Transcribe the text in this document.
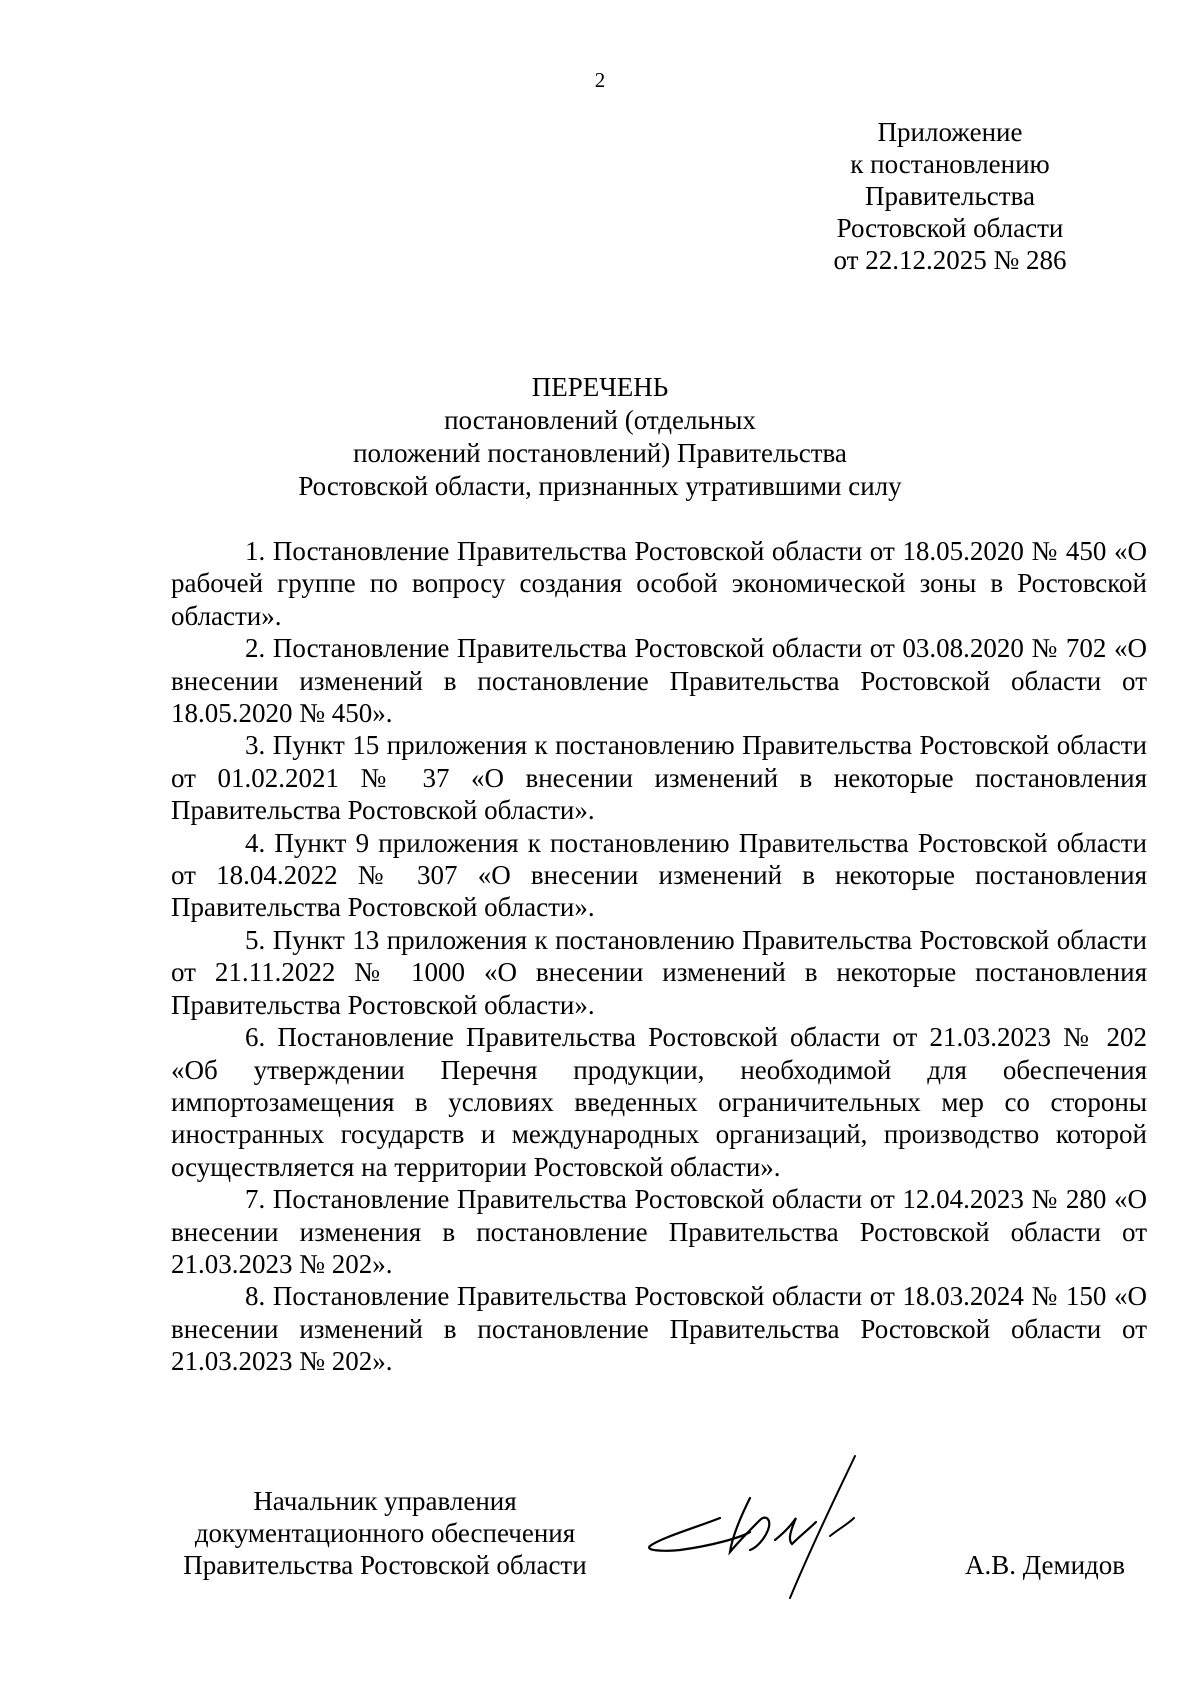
2
Приложение
к постановлению
Правительства
Ростовской области
от 22.12.2025 № 286
ПЕРЕЧЕНЬ
постановлений (отдельных
положений постановлений) Правительства
Ростовской области, признанных утратившими силу

1. Постановление Правительства Ростовской области от 18.05.2020 № 450 «О рабочей группе по вопросу создания особой экономической зоны в Ростовской области».

2. Постановление Правительства Ростовской области от 03.08.2020 № 702 «О внесении изменений в постановление Правительства Ростовской области от 18.05.2020 № 450».

3. Пункт 15 приложения к постановлению Правительства Ростовской области от 01.02.2021 № 37 «О внесении изменений в некоторые постановления Правительства Ростовской области».

4. Пункт 9 приложения к постановлению Правительства Ростовской области от 18.04.2022 № 307 «О внесении изменений в некоторые постановления Правительства Ростовской области».

5. Пункт 13 приложения к постановлению Правительства Ростовской области от 21.11.2022 № 1000 «О внесении изменений в некоторые постановления Правительства Ростовской области».

6. Постановление Правительства Ростовской области от 21.03.2023 № 202 «Об утверждении Перечня продукции, необходимой для обеспечения импортозамещения в условиях введенных ограничительных мер со стороны иностранных государств и международных организаций, производство которой осуществляется на территории Ростовской области».

7. Постановление Правительства Ростовской области от 12.04.2023 № 280 «О внесении изменения в постановление Правительства Ростовской области от 21.03.2023 № 202».

8. Постановление Правительства Ростовской области от 18.03.2024 № 150 «О внесении изменений в постановление Правительства Ростовской области от 21.03.2023 № 202».

Начальник управления
документационного обеспечения
Правительства Ростовской области	А.В. Демидов
